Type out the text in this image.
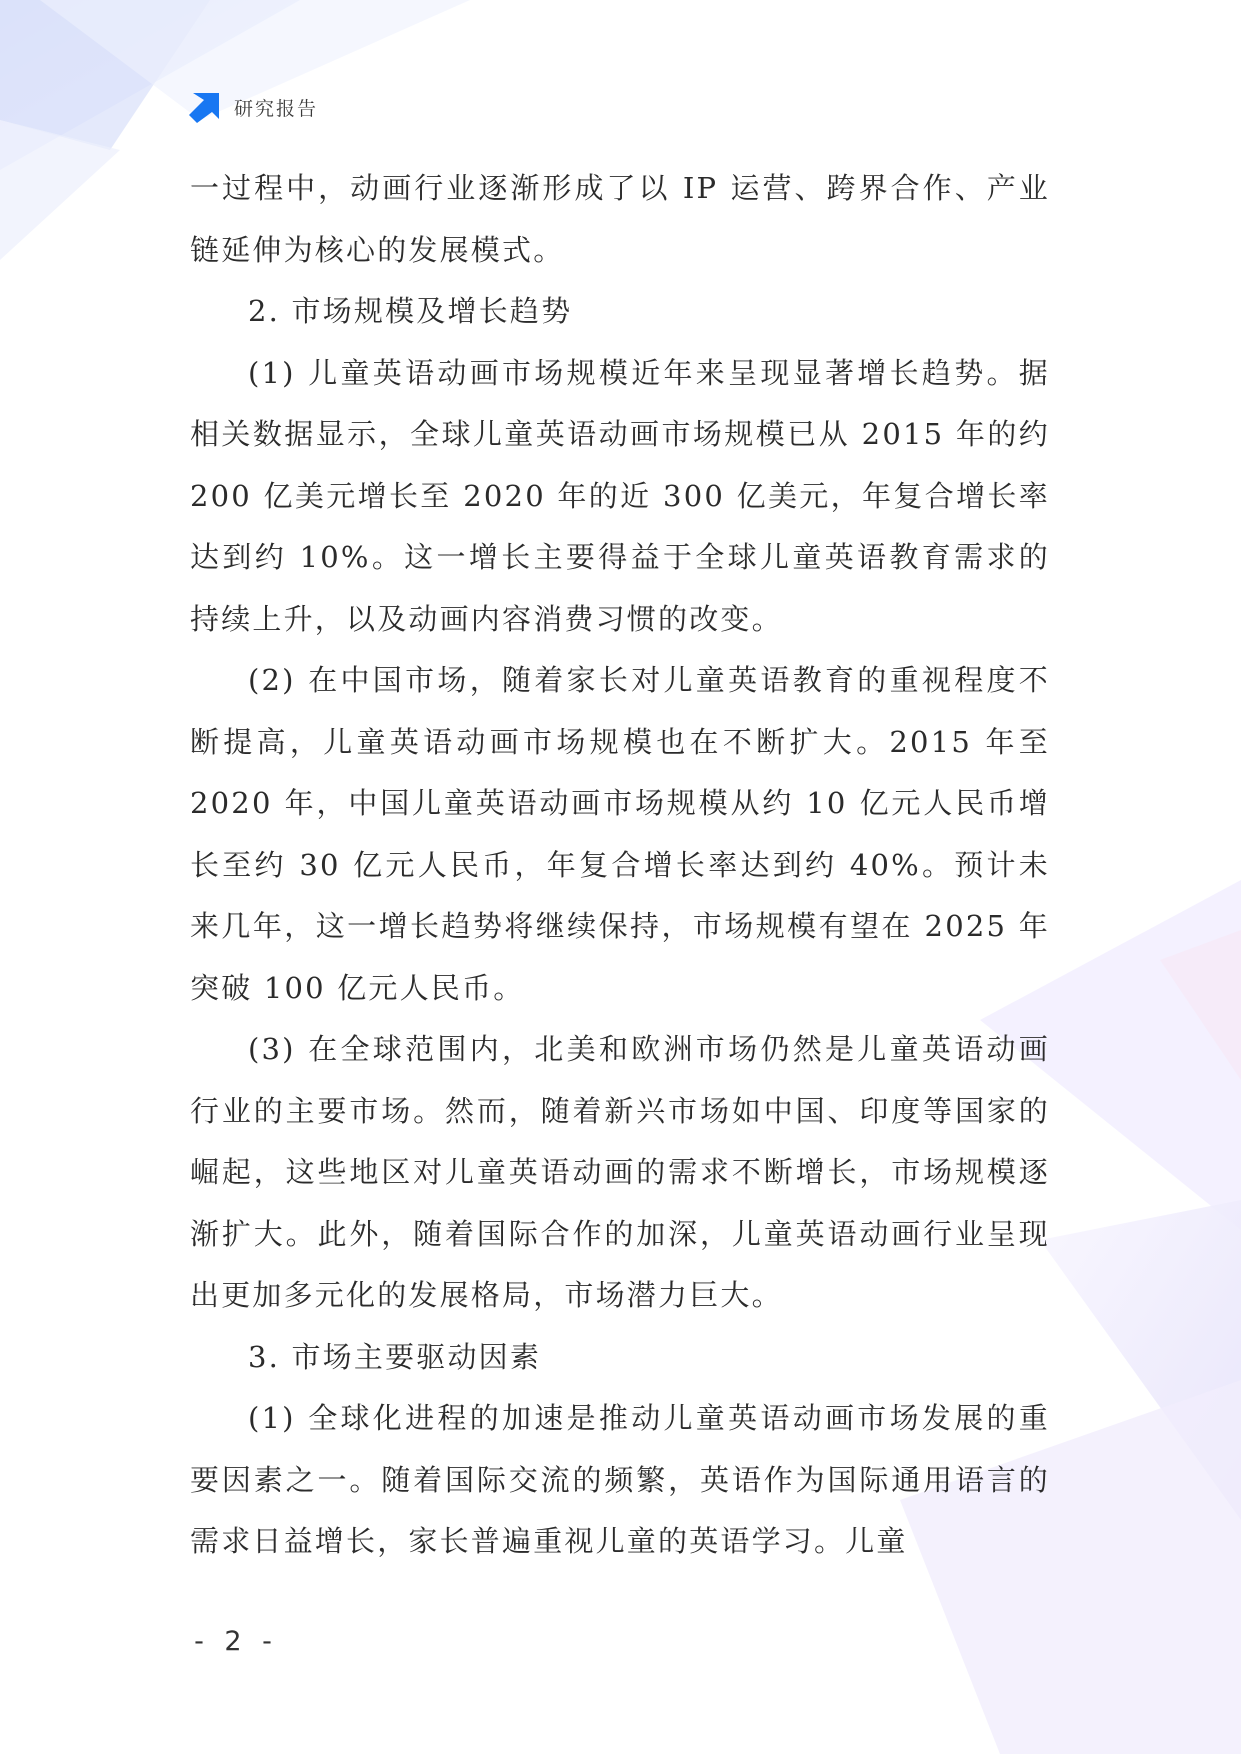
研究报告

一过程中，动画行业逐渐形成了以 IP 运营、跨界合作、产业链延伸为核心的发展模式。

2. 市场规模及增长趋势

(1) 儿童英语动画市场规模近年来呈现显著增长趋势。据相关数据显示，全球儿童英语动画市场规模已从 2015 年的约 200 亿美元增长至 2020 年的近 300 亿美元，年复合增长率达到约 10%。这一增长主要得益于全球儿童英语教育需求的持续上升，以及动画内容消费习惯的改变。

(2) 在中国市场，随着家长对儿童英语教育的重视程度不断提高，儿童英语动画市场规模也在不断扩大。2015 年至 2020 年，中国儿童英语动画市场规模从约 10 亿元人民币增长至约 30 亿元人民币，年复合增长率达到约 40%。预计未来几年，这一增长趋势将继续保持，市场规模有望在 2025 年突破 100 亿元人民币。

(3) 在全球范围内，北美和欧洲市场仍然是儿童英语动画行业的主要市场。然而，随着新兴市场如中国、印度等国家的崛起，这些地区对儿童英语动画的需求不断增长，市场规模逐渐扩大。此外，随着国际合作的加深，儿童英语动画行业呈现出更加多元化的发展格局，市场潜力巨大。

3. 市场主要驱动因素

(1) 全球化进程的加速是推动儿童英语动画市场发展的重要因素之一。随着国际交流的频繁，英语作为国际通用语言的需求日益增长，家长普遍重视儿童的英语学习。儿童

- 2 -
